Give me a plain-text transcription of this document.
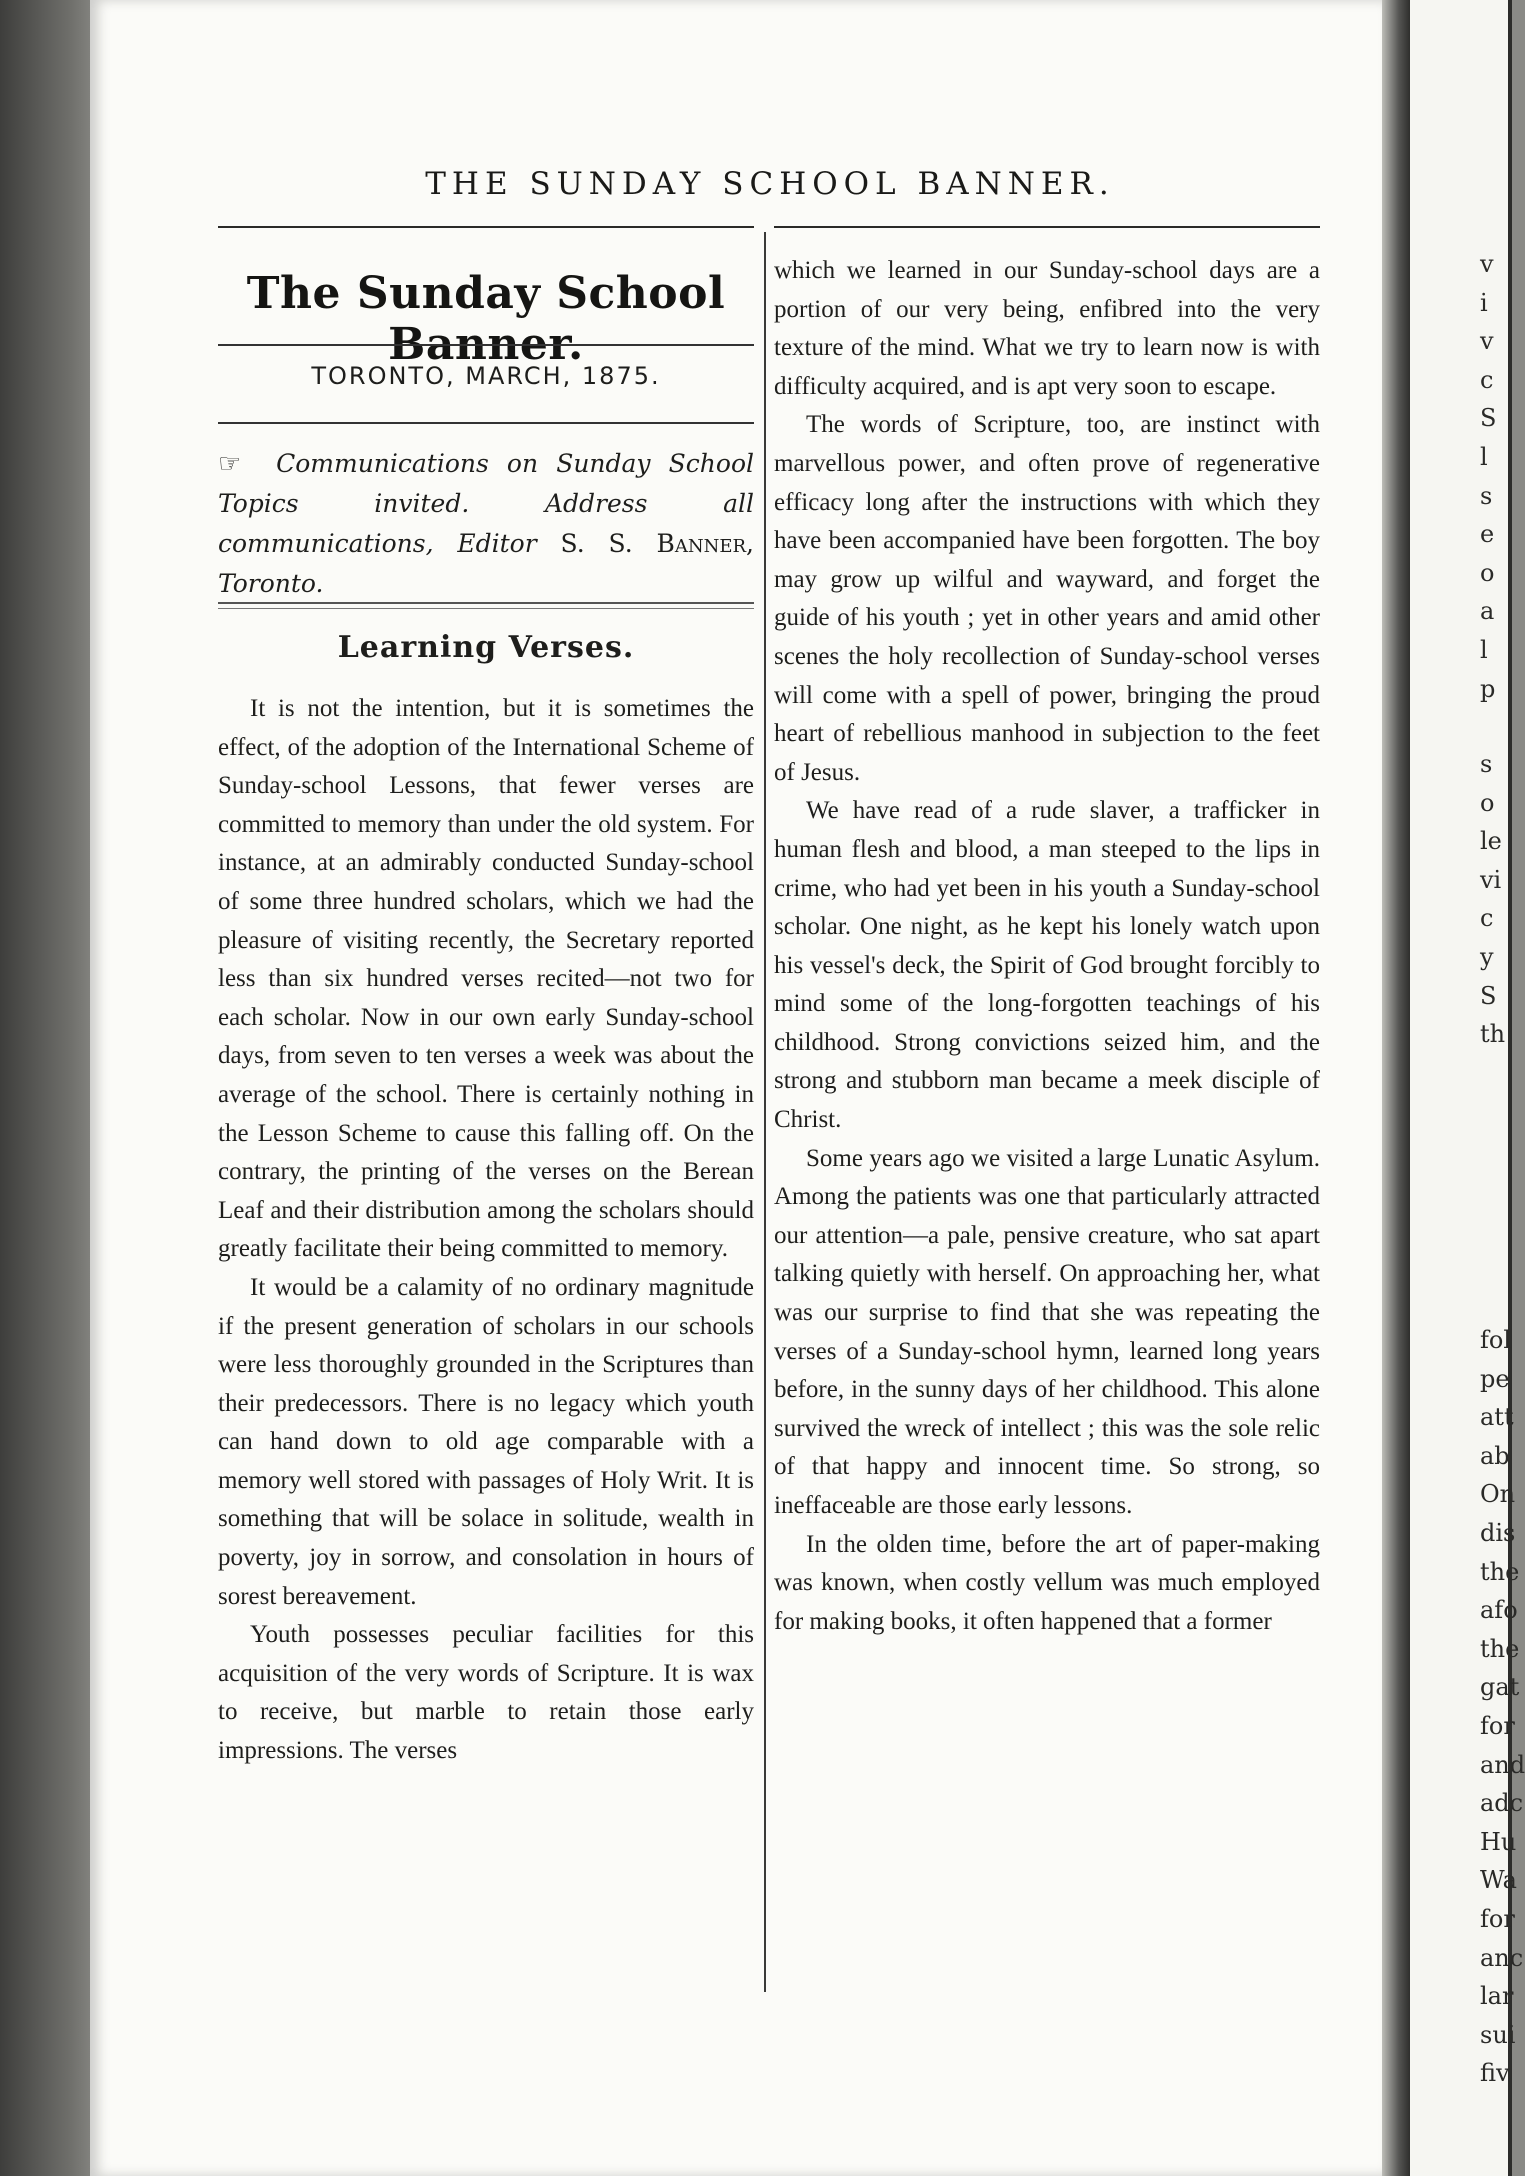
THE SUNDAY SCHOOL BANNER.
The Sunday School Banner.
TORONTO, MARCH, 1875.
☞ Communications on Sunday School Topics invited. Address all communications, Editor S. S. Banner, Toronto.
Learning Verses.

It is not the intention, but it is sometimes the effect, of the adoption of the International Scheme of Sunday-school Lessons, that fewer verses are committed to memory than under the old system. For instance, at an admirably conducted Sunday-school of some three hundred scholars, which we had the pleasure of visiting recently, the Secretary reported less than six hundred verses recited—not two for each scholar. Now in our own early Sunday-school days, from seven to ten verses a week was about the average of the school. There is certainly nothing in the Lesson Scheme to cause this falling off. On the contrary, the printing of the verses on the Berean Leaf and their distribution among the scholars should greatly facilitate their being committed to memory.

It would be a calamity of no ordinary magnitude if the present generation of scholars in our schools were less thoroughly grounded in the Scriptures than their predecessors. There is no legacy which youth can hand down to old age comparable with a memory well stored with passages of Holy Writ. It is something that will be solace in solitude, wealth in poverty, joy in sorrow, and consolation in hours of sorest bereavement.

Youth possesses peculiar facilities for this acquisition of the very words of Scripture. It is wax to receive, but marble to retain those early impressions. The verses

which we learned in our Sunday-school days are a portion of our very being, enfibred into the very texture of the mind. What we try to learn now is with difficulty acquired, and is apt very soon to escape.

The words of Scripture, too, are instinct with marvellous power, and often prove of regenerative efficacy long after the instructions with which they have been accompanied have been forgotten. The boy may grow up wilful and wayward, and forget the guide of his youth ; yet in other years and amid other scenes the holy recollection of Sunday-school verses will come with a spell of power, bringing the proud heart of rebellious manhood in subjection to the feet of Jesus.

We have read of a rude slaver, a trafficker in human flesh and blood, a man steeped to the lips in crime, who had yet been in his youth a Sunday-school scholar. One night, as he kept his lonely watch upon his vessel's deck, the Spirit of God brought forcibly to mind some of the long-forgotten teachings of his childhood. Strong convictions seized him, and the strong and stubborn man became a meek disciple of Christ.

Some years ago we visited a large Lunatic Asylum. Among the patients was one that particularly attracted our attention—a pale, pensive creature, who sat apart talking quietly with herself. On approaching her, what was our surprise to find that she was repeating the verses of a Sunday-school hymn, learned long years before, in the sunny days of her childhood. This alone survived the wreck of intellect ; this was the sole relic of that happy and innocent time. So strong, so ineffaceable are those early lessons.

In the olden time, before the art of paper-making was known, when costly vellum was much employed for making books, it often happened that a former

v
i
v
c
S
l
s
e
o
a
l
p
s
o
le
vi
c
y
S
th
fol
pe
att
ab
On
dis
the
afo
the
gat
for
and
adc
Hu
Wa
for
anc
lar
sui
fiv
